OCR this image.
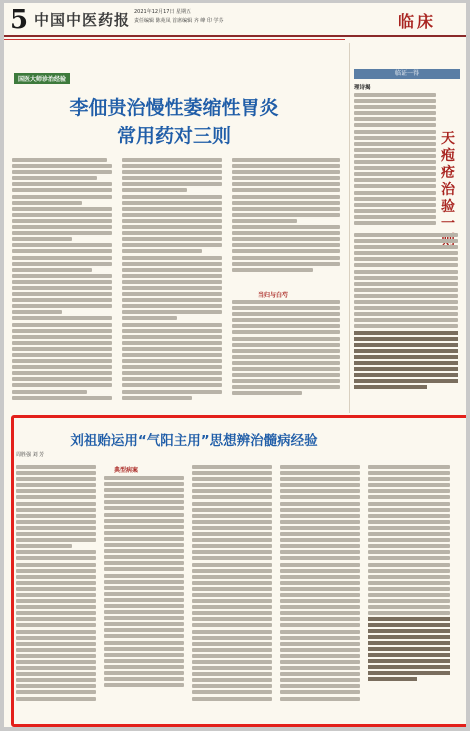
5 中国中医药报 2021年12月17日 星期五
责任编辑 陈苑凤 首席编辑 齐 峰 印 学芬	临床
国医大师诊治经验
李佃贵治慢性萎缩性胃炎
常用药对三则
当归与白芍
临证一得
理诗揭
天疱疮治验一
刘祖贻运用“气阳主用”思想辨治髓病经验
周胜强 刘 芳
典型病案
